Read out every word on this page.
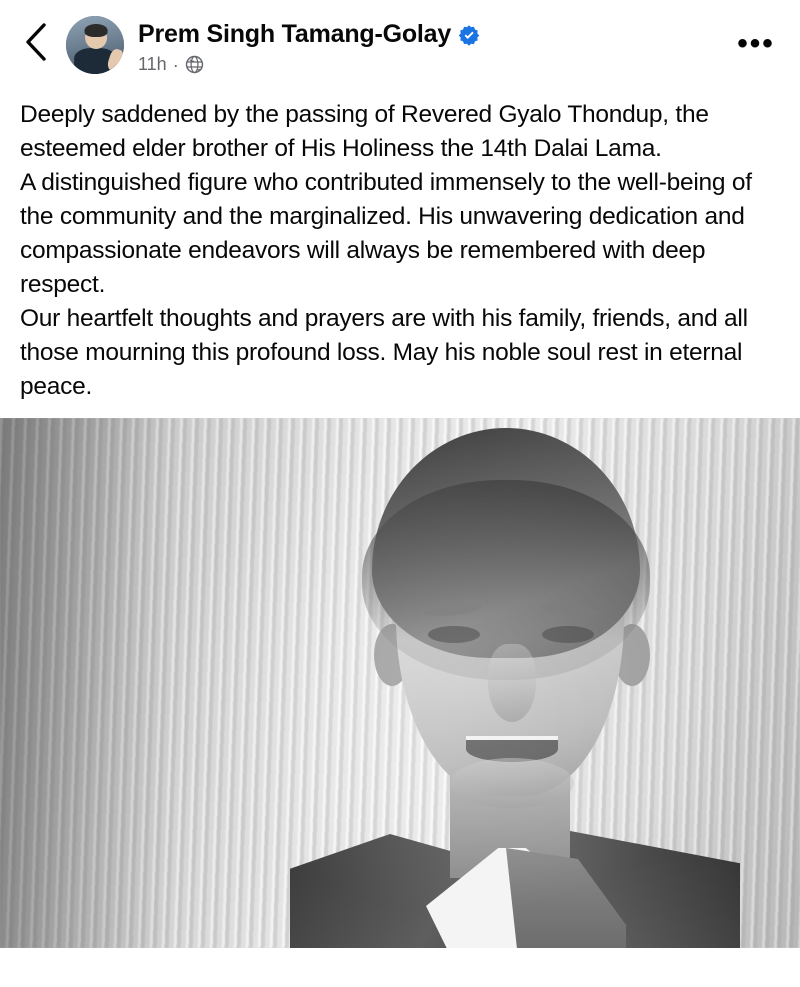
Prem Singh Tamang-Golay
11h ·
•••

Deeply saddened by the passing of Revered Gyalo Thondup, the esteemed elder brother of His Holiness the 14th Dalai Lama.

A distinguished figure who contributed immensely to the well-being of the community and the marginalized. His unwavering dedication and compassionate endeavors will always be remembered with deep respect.

Our heartfelt thoughts and prayers are with his family, friends, and all those mourning this profound loss. May his noble soul rest in eternal peace.
